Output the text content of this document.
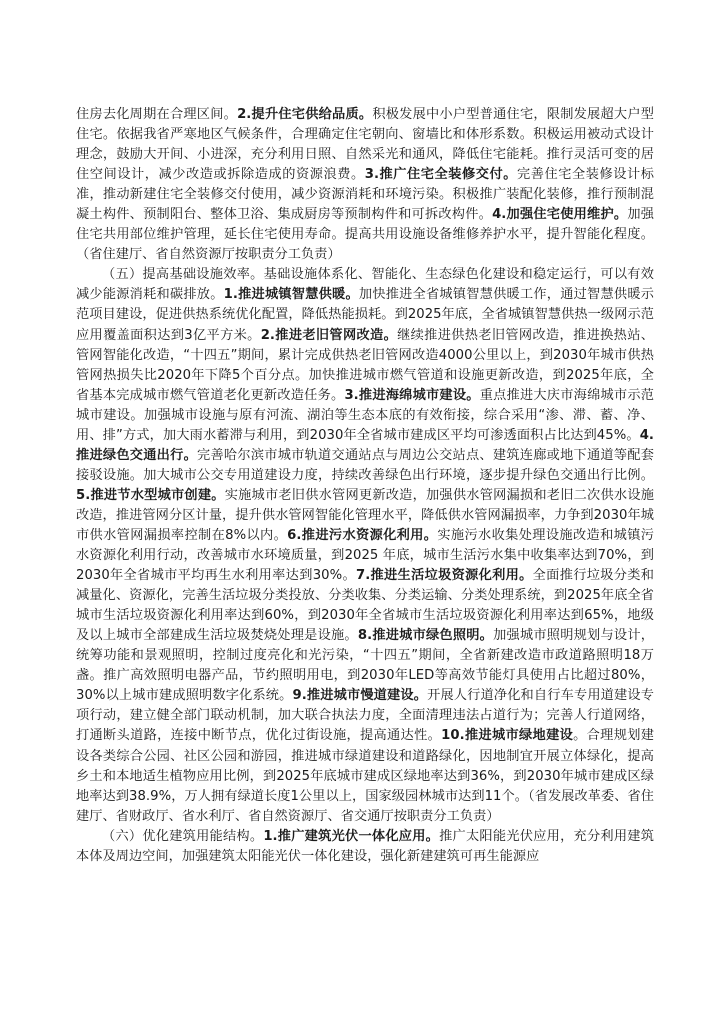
住房去化周期在合理区间。2.提升住宅供给品质。积极发展中小户型普通住宅，限制发展超大户型住宅。依据我省严寒地区气候条件，合理确定住宅朝向、窗墙比和体形系数。积极运用被动式设计理念，鼓励大开间、小进深，充分利用日照、自然采光和通风，降低住宅能耗。推行灵活可变的居住空间设计，减少改造或拆除造成的资源浪费。3.推广住宅全装修交付。完善住宅全装修设计标准，推动新建住宅全装修交付使用，减少资源消耗和环境污染。积极推广装配化装修，推行预制混凝土构件、预制阳台、整体卫浴、集成厨房等预制构件和可拆改构件。4.加强住宅使用维护。加强住宅共用部位维护管理，延长住宅使用寿命。提高共用设施设备维修养护水平，提升智能化程度。（省住建厅、省自然资源厅按职责分工负责）

（五）提高基础设施效率。基础设施体系化、智能化、生态绿色化建设和稳定运行，可以有效减少能源消耗和碳排放。1.推进城镇智慧供暖。加快推进全省城镇智慧供暖工作，通过智慧供暖示范项目建设，促进供热系统优化配置，降低热能损耗。到2025年底，全省城镇智慧供热一级网示范应用覆盖面积达到3亿平方米。2.推进老旧管网改造。继续推进供热老旧管网改造，推进换热站、管网智能化改造，“十四五”期间，累计完成供热老旧管网改造4000公里以上，到2030年城市供热管网热损失比2020年下降5个百分点。加快推进城市燃气管道和设施更新改造，到2025年底，全省基本完成城市燃气管道老化更新改造任务。3.推进海绵城市建设。重点推进大庆市海绵城市示范城市建设。加强城市设施与原有河流、湖泊等生态本底的有效衔接，综合采用“渗、滞、蓄、净、用、排”方式，加大雨水蓄滞与利用，到2030年全省城市建成区平均可渗透面积占比达到45%。4.推进绿色交通出行。完善哈尔滨市城市轨道交通站点与周边公交站点、建筑连廊或地下通道等配套接驳设施。加大城市公交专用道建设力度，持续改善绿色出行环境，逐步提升绿色交通出行比例。5.推进节水型城市创建。实施城市老旧供水管网更新改造，加强供水管网漏损和老旧二次供水设施改造，推进管网分区计量，提升供水管网智能化管理水平，降低供水管网漏损率，力争到2030年城市供水管网漏损率控制在8%以内。6.推进污水资源化利用。实施污水收集处理设施改造和城镇污水资源化利用行动，改善城市水环境质量，到2025 年底，城市生活污水集中收集率达到70%，到2030年全省城市平均再生水利用率达到30%。7.推进生活垃圾资源化利用。全面推行垃圾分类和减量化、资源化，完善生活垃圾分类投放、分类收集、分类运输、分类处理系统，到2025年底全省城市生活垃圾资源化利用率达到60%，到2030年全省城市生活垃圾资源化利用率达到65%，地级及以上城市全部建成生活垃圾焚烧处理是设施。8.推进城市绿色照明。加强城市照明规划与设计，统筹功能和景观照明，控制过度亮化和光污染，“十四五”期间，全省新建改造市政道路照明18万盏。推广高效照明电器产品，节约照明用电，到2030年LED等高效节能灯具使用占比超过80%，30%以上城市建成照明数字化系统。9.推进城市慢道建设。开展人行道净化和自行车专用道建设专项行动，建立健全部门联动机制，加大联合执法力度，全面清理违法占道行为；完善人行道网络，打通断头道路，连接中断节点，优化过街设施，提高通达性。10.推进城市绿地建设。合理规划建设各类综合公园、社区公园和游园，推进城市绿道建设和道路绿化，因地制宜开展立体绿化，提高乡土和本地适生植物应用比例，到2025年底城市建成区绿地率达到36%，到2030年城市建成区绿地率达到38.9%，万人拥有绿道长度1公里以上，国家级园林城市达到11个。（省发展改革委、省住建厅、省财政厅、省水利厅、省自然资源厅、省交通厅按职责分工负责）

（六）优化建筑用能结构。1.推广建筑光伏一体化应用。推广太阳能光伏应用，充分利用建筑本体及周边空间，加强建筑太阳能光伏一体化建设，强化新建建筑可再生能源应
